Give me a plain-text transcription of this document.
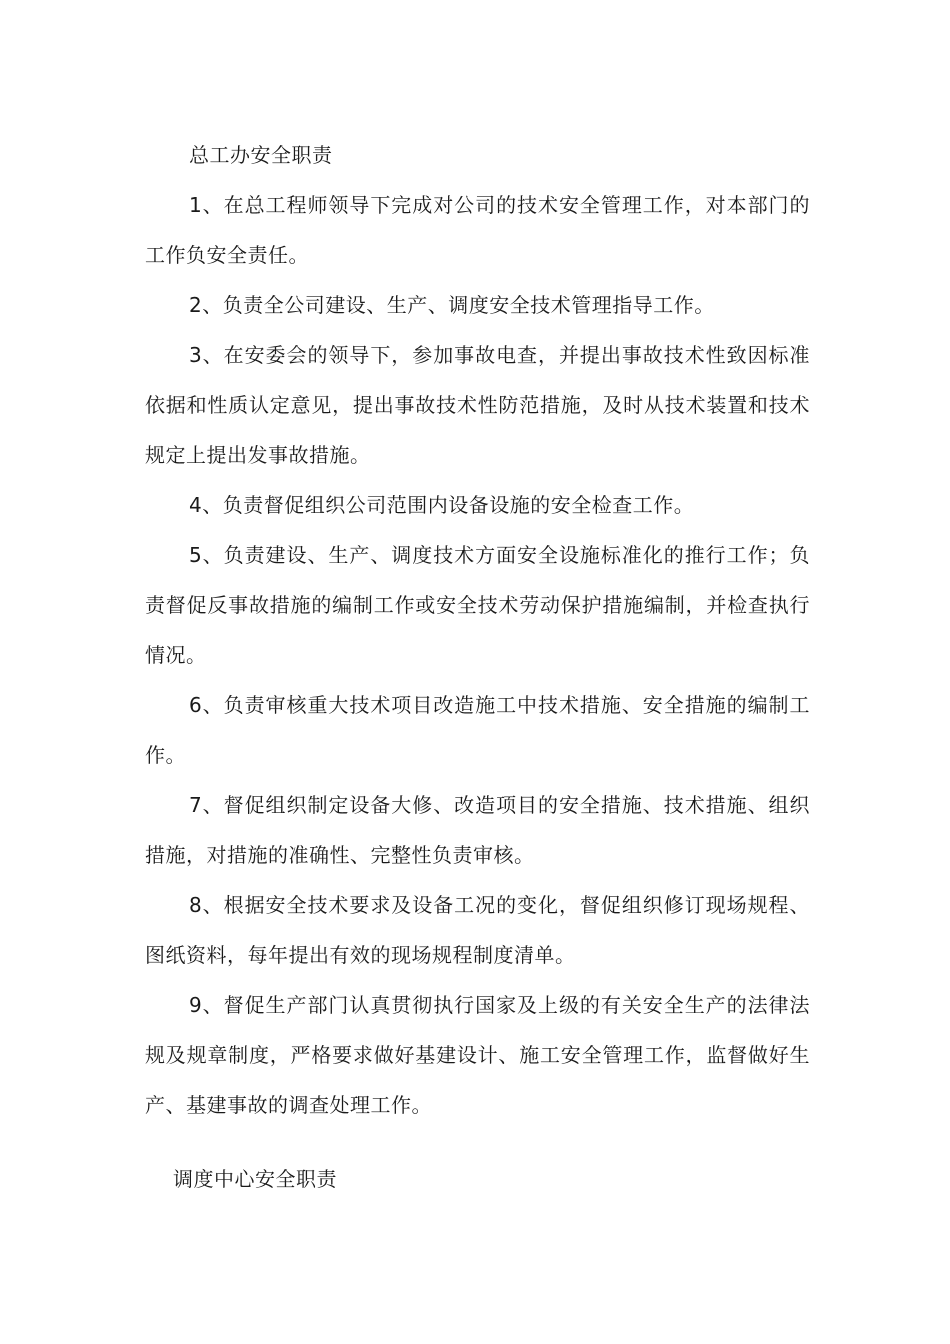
总工办安全职责

1、在总工程师领导下完成对公司的技术安全管理工作，对本部门的工作负安全责任。

2、负责全公司建设、生产、调度安全技术管理指导工作。

3、在安委会的领导下，参加事故电查，并提出事故技术性致因标准依据和性质认定意见，提出事故技术性防范措施，及时从技术装置和技术规定上提出发事故措施。

4、负责督促组织公司范围内设备设施的安全检查工作。

5、负责建设、生产、调度技术方面安全设施标准化的推行工作；负责督促反事故措施的编制工作或安全技术劳动保护措施编制，并检查执行情况。

6、负责审核重大技术项目改造施工中技术措施、安全措施的编制工作。

7、督促组织制定设备大修、改造项目的安全措施、技术措施、组织措施，对措施的准确性、完整性负责审核。

8、根据安全技术要求及设备工况的变化，督促组织修订现场规程、图纸资料，每年提出有效的现场规程制度清单。

9、督促生产部门认真贯彻执行国家及上级的有关安全生产的法律法规及规章制度，严格要求做好基建设计、施工安全管理工作，监督做好生产、基建事故的调查处理工作。

调度中心安全职责
